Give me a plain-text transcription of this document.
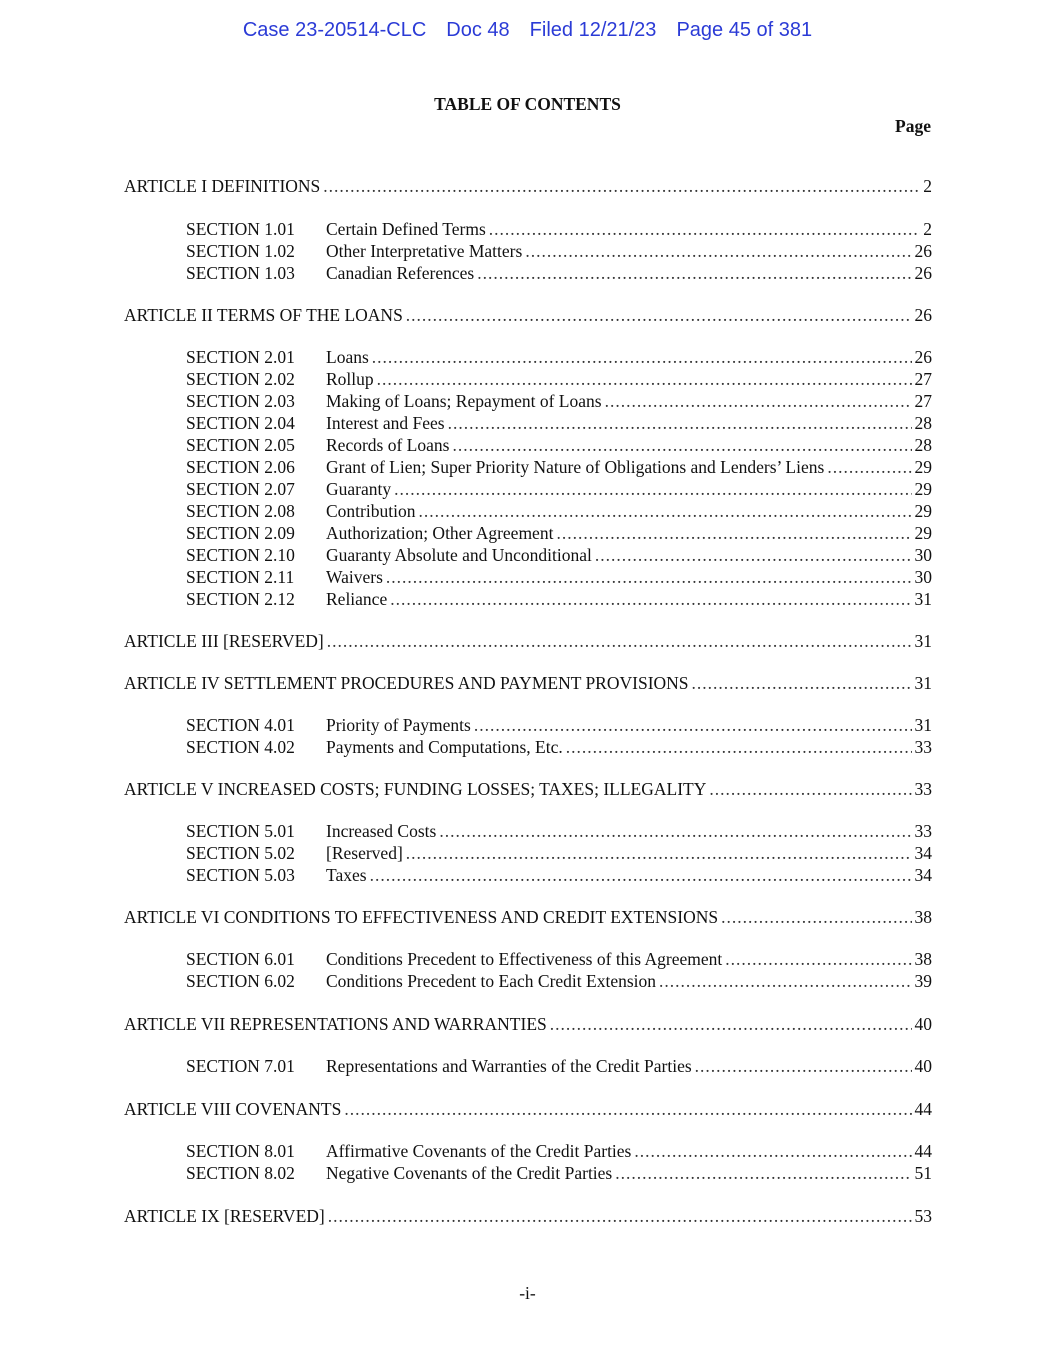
Case 23-20514-CLC Doc 48 Filed 12/21/23 Page 45 of 381
TABLE OF CONTENTS
Page
ARTICLE I DEFINITIONS .....	2
SECTION 1.01	Certain Defined Terms .....	2
SECTION 1.02	Other Interpretative Matters .....	26
SECTION 1.03	Canadian References .....	26
ARTICLE II TERMS OF THE LOANS .....	26
SECTION 2.01	Loans .....	26
SECTION 2.02	Rollup .....	27
SECTION 2.03	Making of Loans; Repayment of Loans .....	27
SECTION 2.04	Interest and Fees .....	28
SECTION 2.05	Records of Loans .....	28
SECTION 2.06	Grant of Lien; Super Priority Nature of Obligations and Lenders’ Liens .....	29
SECTION 2.07	Guaranty .....	29
SECTION 2.08	Contribution .....	29
SECTION 2.09	Authorization; Other Agreement .....	29
SECTION 2.10	Guaranty Absolute and Unconditional .....	30
SECTION 2.11	Waivers .....	30
SECTION 2.12	Reliance .....	31
ARTICLE III [RESERVED] .....	31
ARTICLE IV SETTLEMENT PROCEDURES AND PAYMENT PROVISIONS .....	31
SECTION 4.01	Priority of Payments .....	31
SECTION 4.02	Payments and Computations, Etc. .....	33
ARTICLE V INCREASED COSTS; FUNDING LOSSES; TAXES; ILLEGALITY .....	33
SECTION 5.01	Increased Costs .....	33
SECTION 5.02	[Reserved] .....	34
SECTION 5.03	Taxes .....	34
ARTICLE VI CONDITIONS TO EFFECTIVENESS AND CREDIT EXTENSIONS .....	38
SECTION 6.01	Conditions Precedent to Effectiveness of this Agreement .....	38
SECTION 6.02	Conditions Precedent to Each Credit Extension .....	39
ARTICLE VII REPRESENTATIONS AND WARRANTIES .....	40
SECTION 7.01	Representations and Warranties of the Credit Parties .....	40
ARTICLE VIII COVENANTS .....	44
SECTION 8.01	Affirmative Covenants of the Credit Parties .....	44
SECTION 8.02	Negative Covenants of the Credit Parties .....	51
ARTICLE IX [RESERVED] .....	53
-i-
